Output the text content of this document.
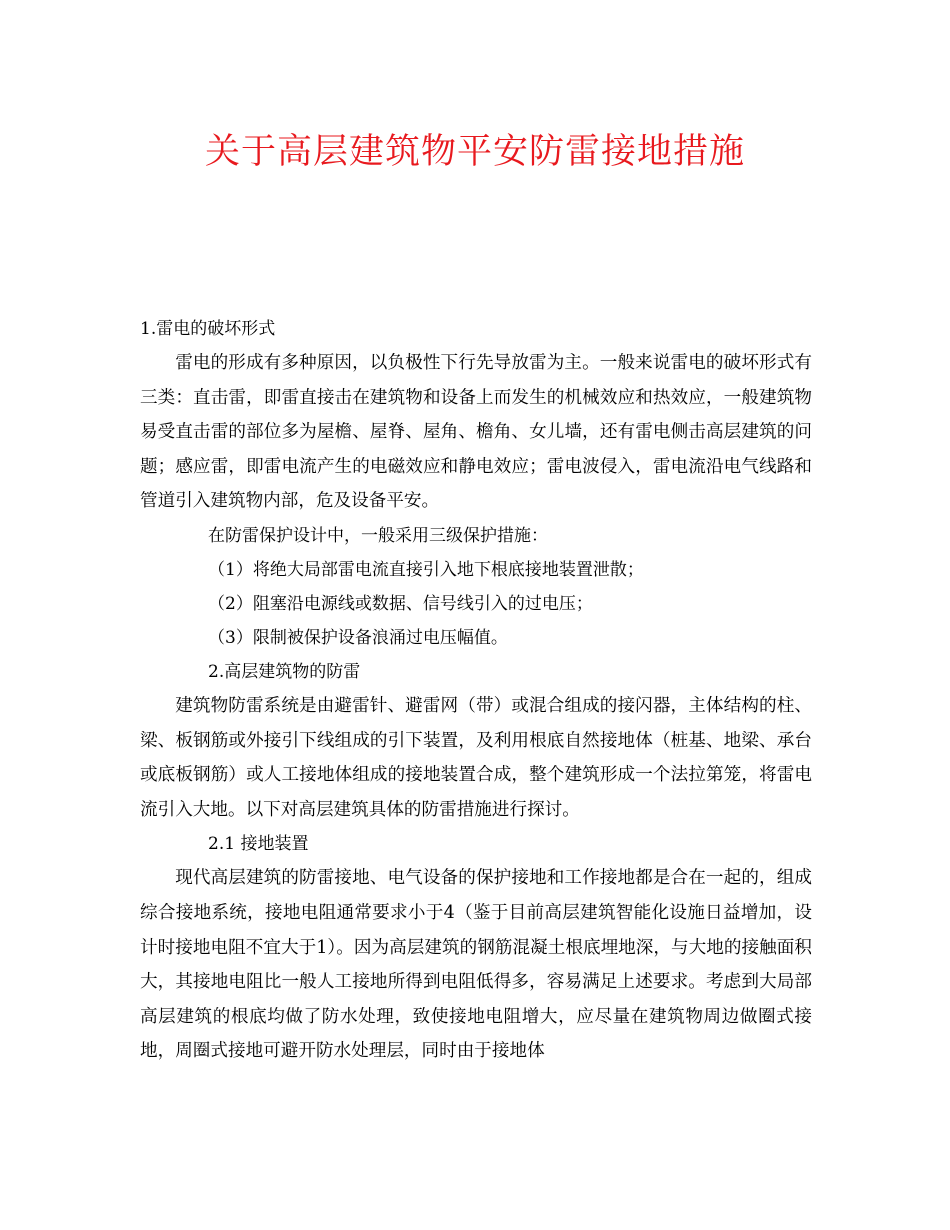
关于高层建筑物平安防雷接地措施

1.雷电的破坏形式

雷电的形成有多种原因，以负极性下行先导放雷为主。一般来说雷电的破坏形式有三类：直击雷，即雷直接击在建筑物和设备上而发生的机械效应和热效应，一般建筑物易受直击雷的部位多为屋檐、屋脊、屋角、檐角、女儿墙，还有雷电侧击高层建筑的问题；感应雷，即雷电流产生的电磁效应和静电效应；雷电波侵入，雷电流沿电气线路和管道引入建筑物内部，危及设备平安。

在防雷保护设计中，一般采用三级保护措施：

（1）将绝大局部雷电流直接引入地下根底接地装置泄散；

（2）阻塞沿电源线或数据、信号线引入的过电压；

（3）限制被保护设备浪涌过电压幅值。

2.高层建筑物的防雷

建筑物防雷系统是由避雷针、避雷网（带）或混合组成的接闪器，主体结构的柱、梁、板钢筋或外接引下线组成的引下装置，及利用根底自然接地体（桩基、地梁、承台或底板钢筋）或人工接地体组成的接地装置合成，整个建筑形成一个法拉第笼，将雷电流引入大地。以下对高层建筑具体的防雷措施进行探讨。

2.1 接地装置

现代高层建筑的防雷接地、电气设备的保护接地和工作接地都是合在一起的，组成综合接地系统，接地电阻通常要求小于4（鉴于目前高层建筑智能化设施日益增加，设计时接地电阻不宜大于1）。因为高层建筑的钢筋混凝土根底埋地深，与大地的接触面积大，其接地电阻比一般人工接地所得到电阻低得多，容易满足上述要求。考虑到大局部高层建筑的根底均做了防水处理，致使接地电阻增大，应尽量在建筑物周边做圈式接地，周圈式接地可避开防水处理层，同时由于接地体
